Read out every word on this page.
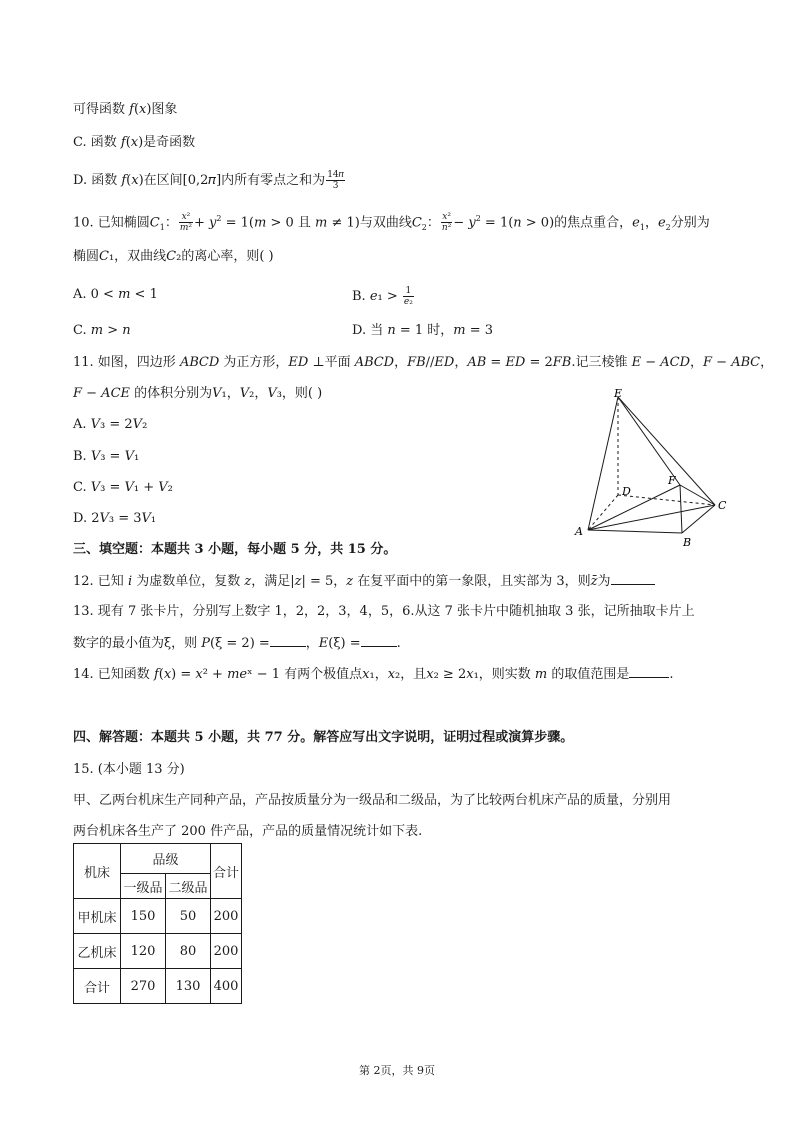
可得函数 𝑓(𝑥)图象
C. 函数 𝑓(𝑥)是奇函数
D. 函数 𝑓(𝑥)在区间[0,2𝜋]内所有零点之和为 $\frac{\text{14𝜋}}{3}$
10. 已知椭圆𝐶$_1$： $\frac{\text{𝑥²}}{\text{𝑚²}}$ + 𝑦$^2$ = 1(𝑚 > 0 且 𝑚 ≠ 1)与双曲线𝐶$_2$： $\frac{\text{𝑥²}}{\text{𝑛²}}$ − 𝑦$^2$ = 1(𝑛 > 0)的焦点重合，𝑒$_1$，𝑒$_2$分别为
椭圆𝐶₁，双曲线𝐶₂的离心率，则( )
A. 0 < 𝑚 < 1	B. 𝑒₁ > $\frac{1}{\text{𝑒₂}}$
C. 𝑚 > 𝑛	D. 当 𝑛 = 1 时，𝑚 = 3
11. 如图，四边形 𝐴𝐵𝐶𝐷 为正方形，𝐸𝐷 ⊥平面 𝐴𝐵𝐶𝐷，𝐹𝐵//𝐸𝐷，𝐴𝐵 = 𝐸𝐷 = 2𝐹𝐵.记三棱锥 𝐸 − 𝐴𝐶𝐷，𝐹 − 𝐴𝐵𝐶，
𝐹 − 𝐴𝐶𝐸 的体积分别为𝑉₁，𝑉₂，𝑉₃，则( )
A. 𝑉₃ = 2𝑉₂
B. 𝑉₃ = 𝑉₁
C. 𝑉₃ = 𝑉₁ + 𝑉₂
D. 2𝑉₃ = 3𝑉₁
E
D
F
C
A
B
三、填空题：本题共 3 小题，每小题 5 分，共 15 分。
12. 已知 𝑖 为虚数单位，复数 𝑧，满足|𝑧| = 5，𝑧 在复平面中的第一象限，且实部为 3，则𝑧̄为
13. 现有 7 张卡片，分别写上数字 1，2，2，3，4，5，6.从这 7 张卡片中随机抽取 3 张，记所抽取卡片上
数字的最小值为ξ，则 𝑃(ξ = 2) =	，𝐸(ξ) =	.
14. 已知函数 𝑓(𝑥) = 𝑥² + 𝑚𝑒ˣ − 1 有两个极值点𝑥₁，𝑥₂，且𝑥₂ ≥ 2𝑥₁，则实数 𝑚 的取值范围是	.
四、解答题：本题共 5 小题，共 77 分。解答应写出文字说明，证明过程或演算步骤。
15. (本小题 13 分)
甲、乙两台机床生产同种产品，产品按质量分为一级品和二级品，为了比较两台机床产品的质量，分别用
两台机床各生产了 200 件产品，产品的质量情况统计如下表.
机床	品级		合计
	一级品	二级品	
甲机床	150	50	200
乙机床	120	80	200
合计	270	130	400
第 2页，共 9页
